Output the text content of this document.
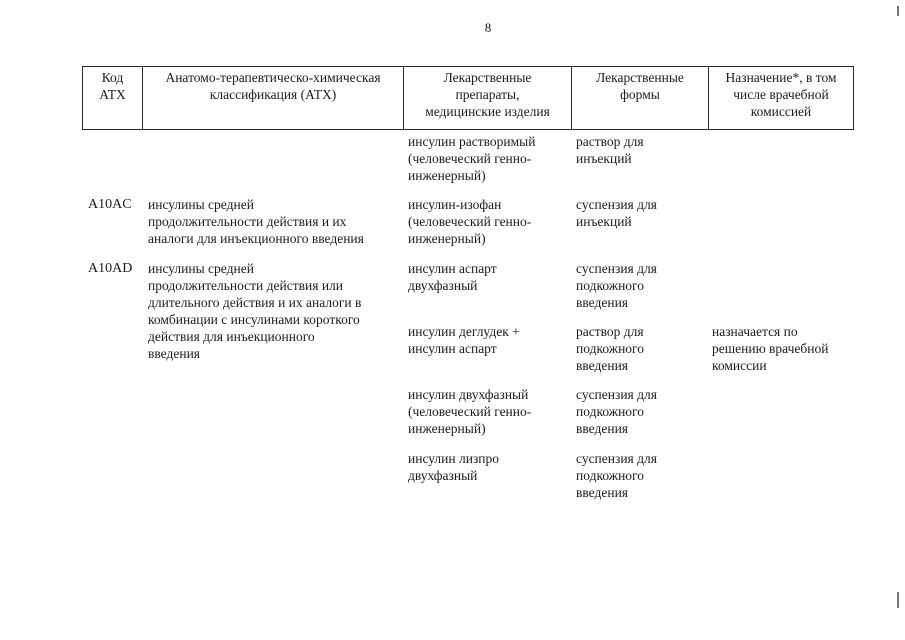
8
Код
АТХ
Анатомо-терапевтическо-химическая
классификация (АТХ)
Лекарственные
препараты,
медицинские изделия
Лекарственные
формы
Назначение*, в том
числе врачебной
комиссией
инсулин растворимый
(человеческий генно-
инженерный)
раствор для
инъекций
A10AC инсулины средней
продолжительности действия и их
аналоги для инъекционного введения
инсулин-изофан
(человеческий генно-
инженерный)
суспензия для
инъекций
A10AD инсулины средней
продолжительности действия или
длительного действия и их аналоги в
комбинации с инсулинами короткого
действия для инъекционного
введения
инсулин аспарт
двухфазный
суспензия для
подкожного
введения
инсулин деглудек +
инсулин аспарт
раствор для
подкожного
введения
назначается по
решению врачебной
комиссии
инсулин двухфазный
(человеческий генно-
инженерный)
суспензия для
подкожного
введения
инсулин лизпро
двухфазный
суспензия для
подкожного
введения
